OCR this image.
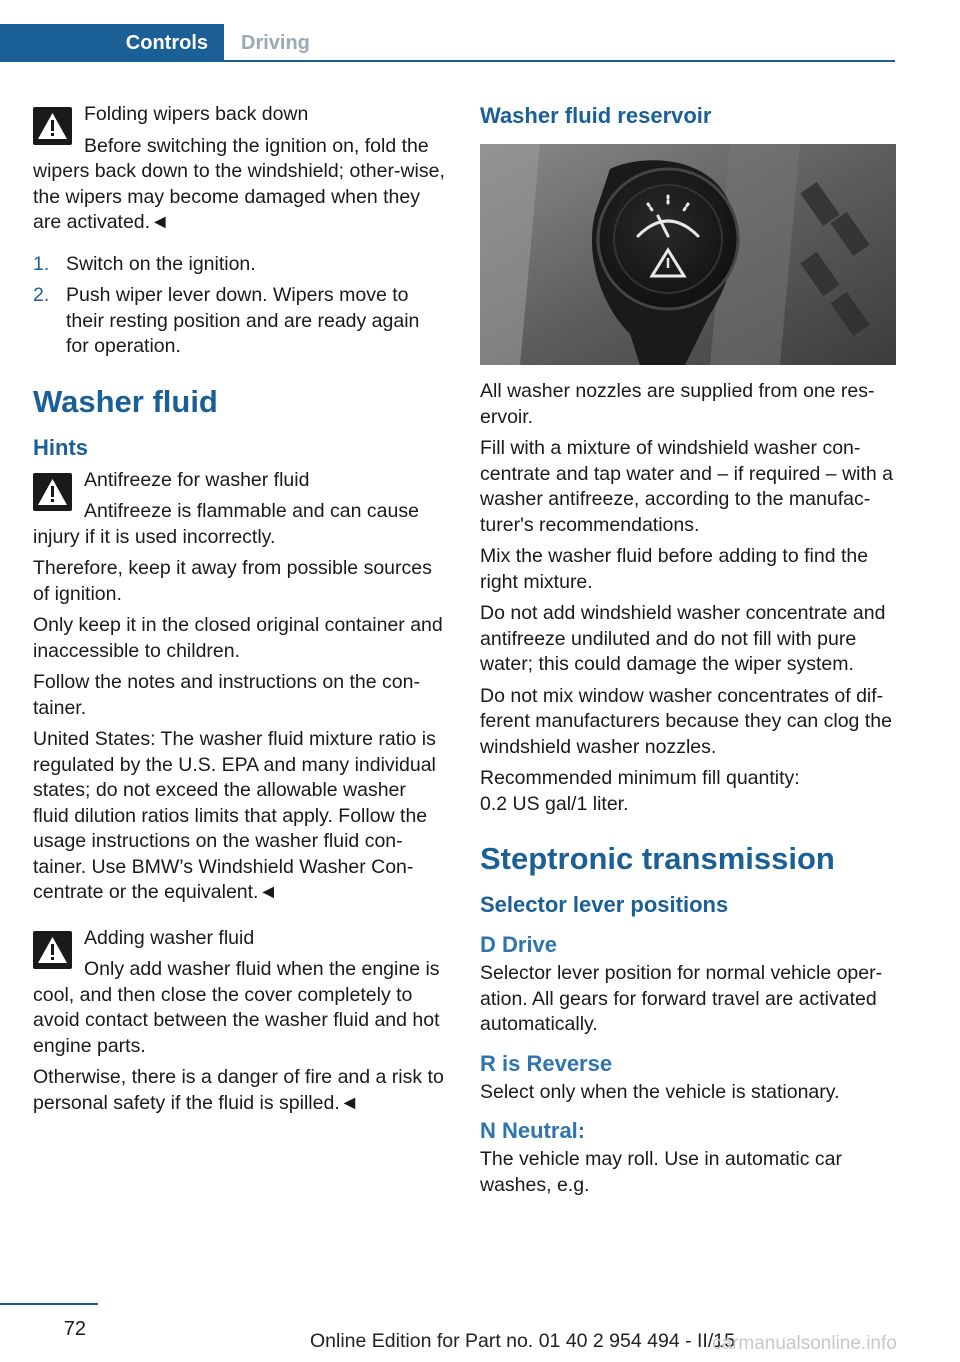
Controls	Driving

Folding wipers back down

Before switching the ignition on, fold the wipers back down to the windshield; other-wise, the wipers may become damaged when they are activated.◄

1. Switch on the ignition.
2. Push wiper lever down. Wipers move to their resting position and are ready again for operation.
Washer fluid
Hints

Antifreeze for washer fluid

Antifreeze is flammable and can cause injury if it is used incorrectly.

Therefore, keep it away from possible sources of ignition.

Only keep it in the closed original container and inaccessible to children.

Follow the notes and instructions on the con-tainer.

United States: The washer fluid mixture ratio is regulated by the U.S. EPA and many individual states; do not exceed the allowable washer fluid dilution ratios limits that apply. Follow the usage instructions on the washer fluid con-tainer. Use BMW’s Windshield Washer Con-centrate or the equivalent.◄

Adding washer fluid

Only add washer fluid when the engine is cool, and then close the cover completely to avoid contact between the washer fluid and hot engine parts.

Otherwise, there is a danger of fire and a risk to personal safety if the fluid is spilled.◄

Washer fluid reservoir

All washer nozzles are supplied from one res-ervoir.

Fill with a mixture of windshield washer con-centrate and tap water and – if required – with a washer antifreeze, according to the manufac-turer's recommendations.

Mix the washer fluid before adding to find the right mixture.

Do not add windshield washer concentrate and antifreeze undiluted and do not fill with pure water; this could damage the wiper system.

Do not mix window washer concentrates of dif-ferent manufacturers because they can clog the windshield washer nozzles.

Recommended minimum fill quantity:
0.2 US gal/1 liter.

Steptronic transmission
Selector lever positions
D Drive

Selector lever position for normal vehicle oper-ation. All gears for forward travel are activated automatically.

R is Reverse

Select only when the vehicle is stationary.

N Neutral:

The vehicle may roll. Use in automatic car washes, e.g.

72
Online Edition for Part no. 01 40 2 954 494 - II/15
carmanualsonline.info
